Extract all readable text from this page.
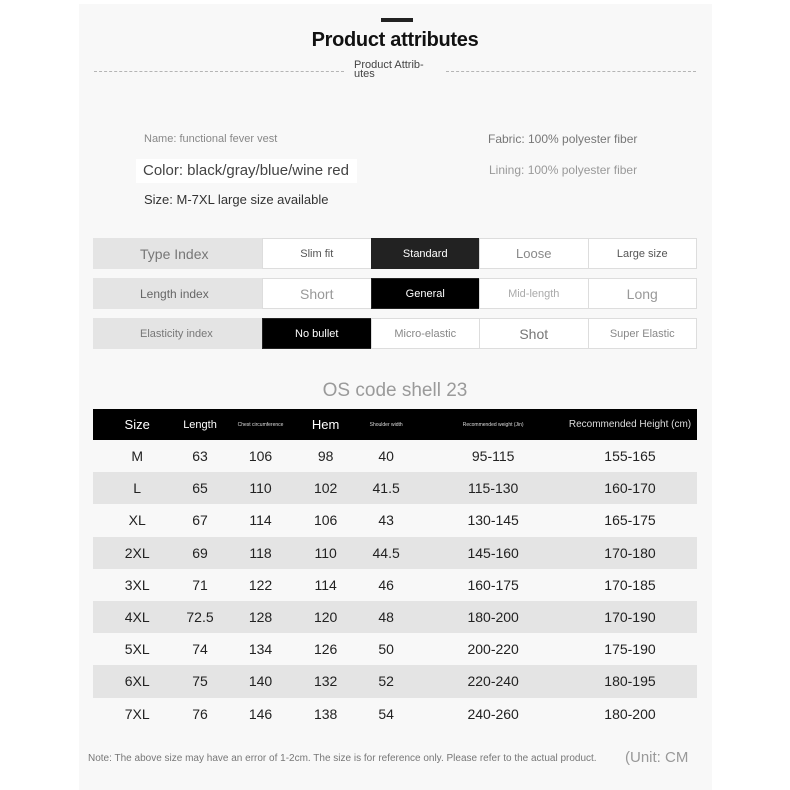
Product attributes
Product Attrib-
utes
Name: functional fever vest
Color: black/gray/blue/wine red
Size: M-7XL large size available
Fabric: 100% polyester fiber
Lining: 100% polyester fiber
Type Index	Slim fit	Standard	Loose	Large size
Length index	Short	General	Mid-length	Long
Elasticity index	No bullet	Micro-elastic	Shot	Super Elastic
OS code shell 23
Size	Length	Chest circumference	Hem	Shoulder width	Recommended weight (Jin)	Recommended Height (cm)
M	63	106	98	40	95-115	155-165
L	65	110	102	41.5	115-130	160-170
XL	67	114	106	43	130-145	165-175
2XL	69	118	110	44.5	145-160	170-180
3XL	71	122	114	46	160-175	170-185
4XL	72.5	128	120	48	180-200	170-190
5XL	74	134	126	50	200-220	175-190
6XL	75	140	132	52	220-240	180-195
7XL	76	146	138	54	240-260	180-200
Note: The above size may have an error of 1-2cm. The size is for reference only. Please refer to the actual product. (Unit: CM
